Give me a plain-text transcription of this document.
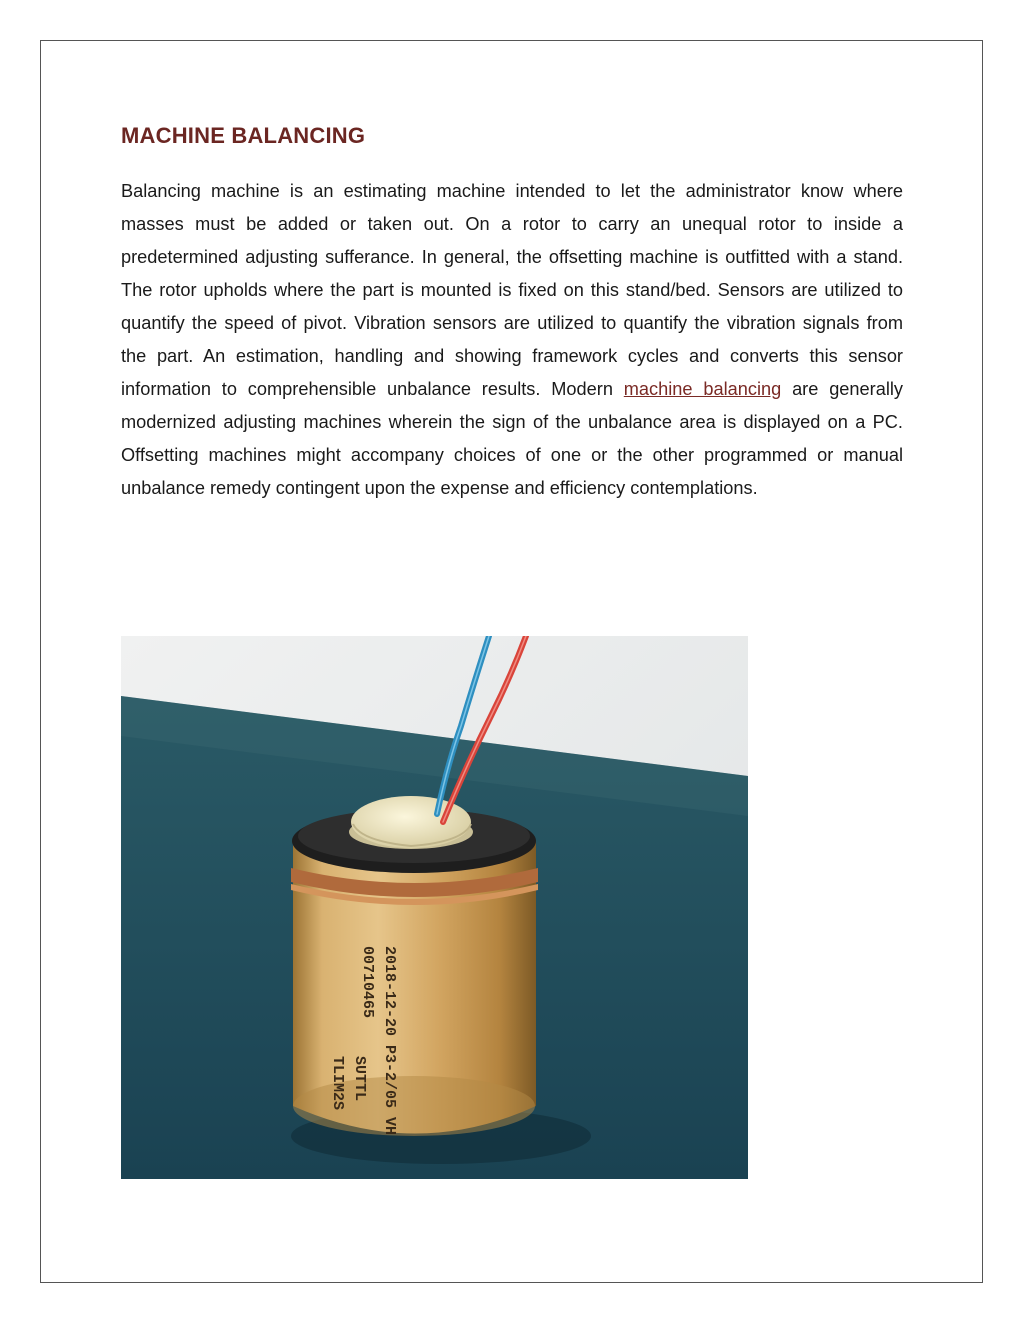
MACHINE BALANCING

Balancing machine is an estimating machine intended to let the administrator know where masses must be added or taken out. On a rotor to carry an unequal rotor to inside a predetermined adjusting sufferance. In general, the offsetting machine is outfitted with a stand. The rotor upholds where the part is mounted is fixed on this stand/bed. Sensors are utilized to quantify the speed of pivot. Vibration sensors are utilized to quantify the vibration signals from the part. An estimation, handling and showing framework cycles and converts this sensor information to comprehensible unbalance results. Modern machine balancing are generally modernized adjusting machines wherein the sign of the unbalance area is displayed on a PC. Offsetting machines might accompany choices of one or the other programmed or manual unbalance remedy contingent upon the expense and efficiency contemplations.

2018-12-20 P3-2/05 VH
00710465
TLIM2S SUTTL
